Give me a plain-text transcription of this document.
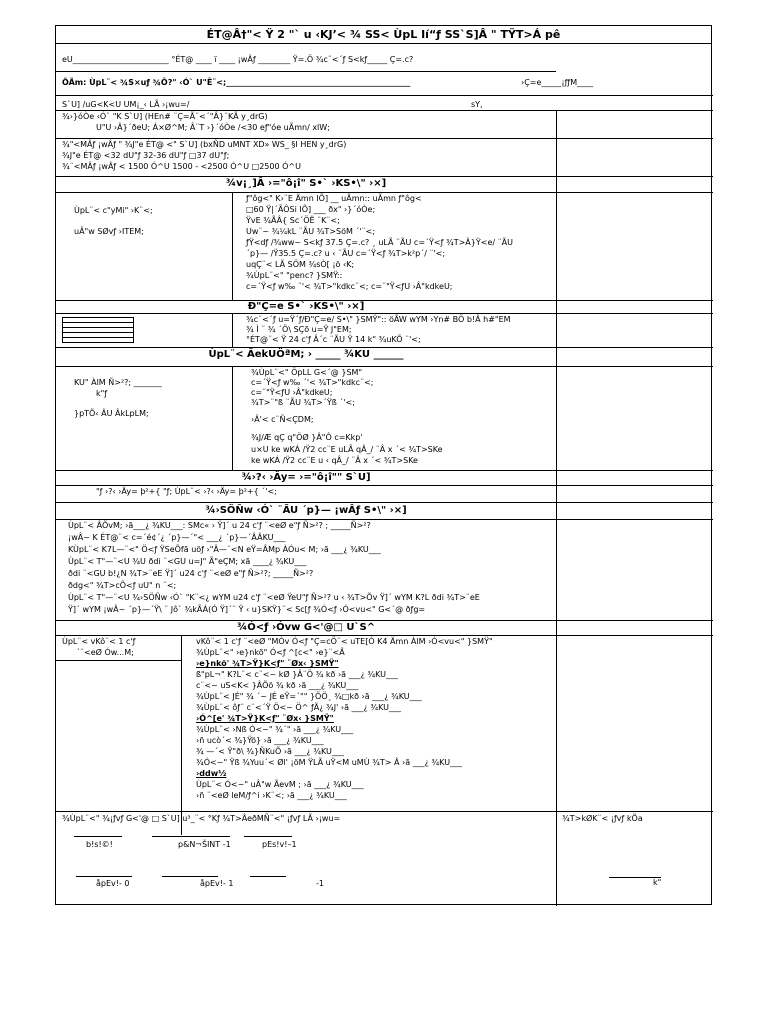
ÉT@Â†"< Ÿ 2 "` u ‹KJ’< ¾ SS< ÙpL Ií“ƒ SS`S]Â " TŸT>Á pê
eU________________________ °ÉT@ ____ ï ____ ¡wÂƒ ________ Ÿ=.Ö ¾c¨<´ƒ S<kƒ_____ Ç=.c?
ÕÃm: ÙpL¨< ¾S×uƒ ¾Ô?" ‹Ó` U"Ê¨<;______________________________________________	›Ç=e_____¡ƒƒM____
S`U] /uG<K<U UM¡_‹ LÃ ›¡wu=/	sY,
¾›}óÒe ‹Ó` "K S`U] (HEn# ¨Ç=Ã¨<´"Â}¨KÃ y¸drG)
U"U ›Â}´ðeU; Á×Ø^M; Â¨T ›}´óÒe /<30 eƒ"óe uÃmn/ xlW;
¾"<MÂƒ ¡wÂƒ " ¾J"e ÉT@ <" S`U] (bxÑD uMNT XD» WS_ §I HEN y¸drG)
¾J"e ÉT@ <32 dU"ƒ 32-36 dU"ƒ □37 dU"ƒ;
¾¨<MÂƒ ¡wÂƒ < 1500 Ó^U 1500 - <2500 Ó^U □2500 Ó^U
¾v¡¸]Â ›="ô¡î" S•` ›KS•\" ›×]
ÙpL¨< c"yMi" ›K¨<;
uÂ"w SØvƒ ›ITEM;
ƒ"ôg<" K›¨E Ämn IÕ] __ uÃmn:: uÃmn ƒ"ôg<
□60 Ÿ|´ÃÔSi IÕ] ___ ðx" ›}´óÒe;
ŸvE ¾ÃÂ{ Sc´ÖË ¨K¨<;
Uw¨~ ¾¼kL ¨ÃU ¾T>SöM ´'¨<;
ƒŸ<dƒ /¾ww~ S<kƒ 37.5 Ç=.c? ¸ uLÃ ¨ÃU c=´Ÿ<ƒ ¾T>Â}Ÿ<e/ ¨ÃU
´p}— /Ÿ35.5 Ç=.c? u ‹ ¨ÃU c=´Ÿ<ƒ ¾T>k²p´/ ¨'<;
uqÇ¨< LÃ SÖM ¾sÒ[ ¡ö ‹K;
¾ÙpL¨<" "penc? }SMŸ::
c=´Ÿ<ƒ w‰ ¨'< ¾T>"kdkc¨<; c=¨"Ÿ<ƒU ›Â"kdkeU;
Ð"Ç=e S•` ›KS•\" ›×]
¾c¨<´ƒ u=Ÿ´ƒ/Ð"Ç=e/ S•\" }SMŸ":: öÃW wYM ›Yn# BÖ b!Â h#"EM
¾ Ì ¨ ¾ ´Ö\ SÇõ u=Ÿ J"EM;
°ÉT@¨< Ÿ 24 c'ƒ Â´c ¨ÃU Ÿ 14 k" ¾uKÕ ¨'<;
ÙpL¨< ÃekUÖªM; › _____ ¾KU ______
KU" ÀlM Ñ>²?; _______
k"ƒ
}pTÕ‹ ÂU ÂkLpLM;
¾ÙpL¨<" ÖpLL G<´@ }SM"
c=´Ÿ<ƒ w‰ ´'< ¾T>"kdkc¨<;
c=¨"Ÿ<ƒU ›Â"kdkeU;
¾T>¨"ß ¨ÃU ¾T>´Ÿß ´'<;
›Â'< c¨Ñ<ÇDM;
¾J/Æ qÇ q"ÖØ }Â"Ô c=Kkp'
u×U ke wKÁ /Ÿ2 cc¨E uLÃ qÂ_/ ¨Â x ´< ¾T>SKe
ke wKÁ /Ÿ2 cc¨E u ‹ qÂ_/ ¨Â x ´< ¾T>SKe
¾›?‹ ›Äy= ›="ô¡î"" S`U]
"ƒ ›?‹ ›Äy= þ²+{ "ƒ; ÙpL¨< ›?‹ ›Äy= þ²+{ ´'<;
¾›SÖÑw ‹Ó` ¨ÃU ´p}— ¡wÂƒ S•\" ›×]
ÙpL¨< ÂÕvM; ›ã___¿ ¾KU___: SMc« › Ÿ]´ u 24 c'ƒ ¨<eØ e"ƒ Ñ>²? ; _____Ñ>²?
¡wÂ~ K ÉT@¨< c=´é¢´¿ ´p}—´"< ___¿ ´p}—´ÂÂKU___
KÙpL¨< K7L—¨<" Ö<ƒ ŸSeÕfã uöƒ ›"Â—¨<N eŸ=ÂMp ÀÓu< M; ›ã ___¿ ¾KU___
ÙpL¨< T"—¨<U ¾U ðdi ¨<GU u=J" Ã"eÇM; xã ____¿ ¾KU___
ðdi ¨<GU b!¿N ¾T>¨eE Ÿ]´ u24 c'ƒ ¨<eØ e"ƒ Ñ>²?; _____Ñ>²?
ðdg<" ¾T>cÕ<ƒ uU" n ¨<;
ÙpL¨< T"—¨<U ¾›SÖÑw ‹Ó` "K¨<¿ wYM u24 c'ƒ ¨<eØ ŸeU"ƒ Ñ>²? u ‹ ¾T>Õv Ÿ]´ wYM K?L ðdi ¾T>¨eE
Ÿ]´ wYM ¡wÂ~ ´p}—´Ÿ\ ¨ Jô` ¾kÃÁ(Ó Ÿ]´¨ Ÿ ‹ u}SKŸ}¨< Sc[ƒ ¾Ó<ƒ ›Ó<vu<" G<´@ ðƒg=
¾Ó<ƒ ›Óvw G<'@□ U`S^
ÙpL¨< vKô¨< 1 c'ƒ
´¨<eØ Ów...M;
vKô¨< 1 c'ƒ ¨<eØ "MÒv Ó<ƒ "Ç=cÖ¨< uTE[Ó K4 Ämn ÀlM ›Ó<vu<" }SMŸ"
¾ÙpL¨<" ›e}nkõ" Ó<ƒ ^[c<" ›e}¨<Ã
›e}nkõ' ¾T>Ÿ}K<ƒ" ¨Øx‹ }SMŸ"
ß"pL¬" K?L¨< c¨<~ kØ }Â¨Ö ¾ kð ›ã ___¿ ¾KU___
c¨<~ uS<K< }ÂÕö ¾ kð ›ã ___¿ ¾KU___
¾ÙpL¨< JÉ" ¾ ´~ JÉ eŸ=´"" }ÖÖ¸ ¾□kð ›ã ___¿ ¾KU___
¾ÙpL¨< ôƒ¨ c¨<´Ÿ Ö<~ Ö^ ƒÃ¿ ¾J' ›ã ___¿ ¾KU___
›Ó^[e' ¾T>Ÿ}K<ƒ" ¨Øx‹ }SMŸ"
¾ÙpL¨< ›Nß Ó<~" ¾´" ›ã ___¿ ¾KU___
›ñ ucò´< ¾}Ÿö} ›ã ___¿ ¾KU___
¾ —´< Ÿ"ð\ ¾}ÑKuÕ ›ã ___¿ ¾KU___
¾Ó<~" Ÿß ¾Yuu´< Øl' ¡öM ŸLÃ uŸ<M uMÙ ¾T> Â ›ã ___¿ ¾KU___
›ddw½
ÙpL¨< Ó<~" uÂ"w ÃevM ; ›ã ___¿ ¾KU___
›ñ ¨<eØ leM/ƒ^i ›K¨<; ›ã ___¿ ¾KU___
¾ÙpL¨<" ¾¡ƒvƒ G<'@ □ S`U] u³_¨< °Kƒ ¾T>ÂeðMÑ¨<" ¡ƒvƒ LÃ ›¡wu=	¾T>kØK¨< ¡ƒvƒ kÕa
b!s!©!	p&N¬ŠlNT -1	pEs!v!–1
åpEv!- 0	åpEv!- 1	-1	k"
